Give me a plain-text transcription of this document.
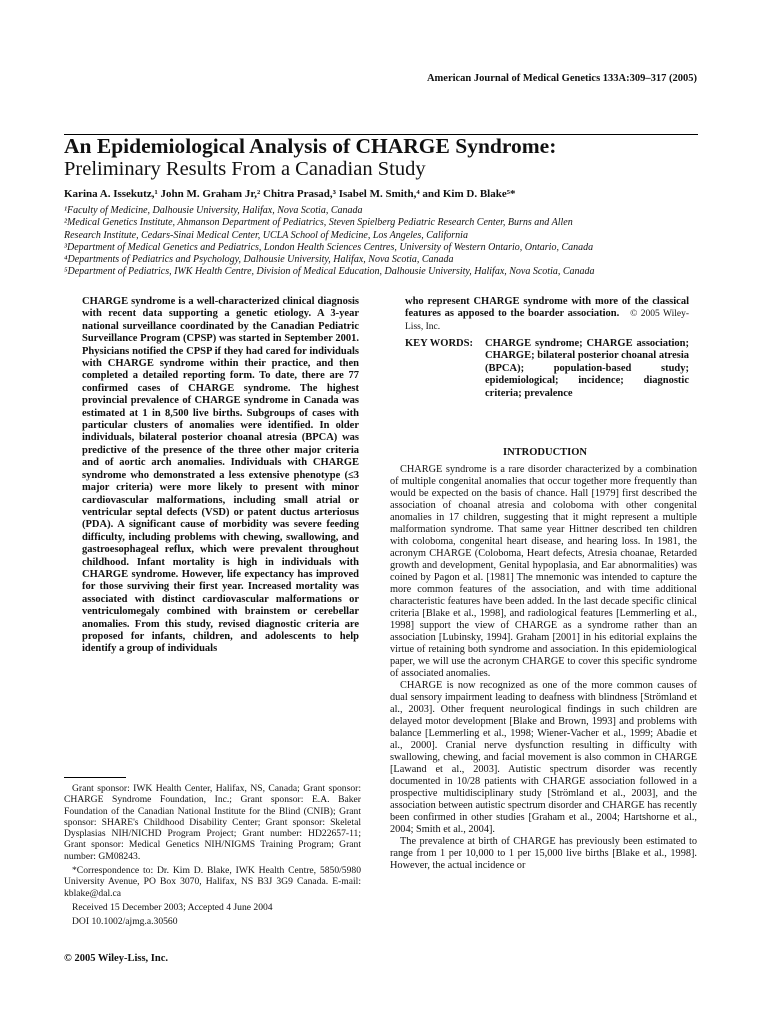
American Journal of Medical Genetics 133A:309–317 (2005)
An Epidemiological Analysis of CHARGE Syndrome:
Preliminary Results From a Canadian Study
Karina A. Issekutz,¹ John M. Graham Jr,² Chitra Prasad,³ Isabel M. Smith,⁴ and Kim D. Blake⁵*
¹Faculty of Medicine, Dalhousie University, Halifax, Nova Scotia, Canada
²Medical Genetics Institute, Ahmanson Department of Pediatrics, Steven Spielberg Pediatric Research Center, Burns and Allen
Research Institute, Cedars-Sinai Medical Center, UCLA School of Medicine, Los Angeles, California
³Department of Medical Genetics and Pediatrics, London Health Sciences Centres, University of Western Ontario, Ontario, Canada
⁴Departments of Pediatrics and Psychology, Dalhousie University, Halifax, Nova Scotia, Canada
⁵Department of Pediatrics, IWK Health Centre, Division of Medical Education, Dalhousie University, Halifax, Nova Scotia, Canada
CHARGE syndrome is a well-characterized clinical diagnosis with recent data supporting a genetic etiology. A 3-year national surveillance coordinated by the Canadian Pediatric Surveillance Program (CPSP) was started in September 2001. Physicians notified the CPSP if they had cared for individuals with CHARGE syndrome within their practice, and then completed a detailed reporting form. To date, there are 77 confirmed cases of CHARGE syndrome. The highest provincial prevalence of CHARGE syndrome in Canada was estimated at 1 in 8,500 live births. Subgroups of cases with particular clusters of anomalies were identified. In older individuals, bilateral posterior choanal atresia (BPCA) was predictive of the presence of the three other major criteria and of aortic arch anomalies. Individuals with CHARGE syndrome who demonstrated a less extensive phenotype (≤3 major criteria) were more likely to present with minor cardiovascular malformations, including small atrial or ventricular septal defects (VSD) or patent ductus arteriosus (PDA). A significant cause of morbidity was severe feeding difficulty, including problems with chewing, swallowing, and gastroesophageal reflux, which were prevalent throughout childhood. Infant mortality is high in individuals with CHARGE syndrome. However, life expectancy has improved for those surviving their first year. Increased mortality was associated with distinct cardiovascular malformations or ventriculomegaly combined with brainstem or cerebellar anomalies. From this study, revised diagnostic criteria are proposed for infants, children, and adolescents to help identify a group of individuals
who represent CHARGE syndrome with more of the classical features as apposed to the boarder association. © 2005 Wiley-Liss, Inc.
KEY WORDS: CHARGE syndrome; CHARGE association; CHARGE; bilateral posterior choanal atresia (BPCA); population-based study; epidemiological; incidence; diagnostic criteria; prevalence
INTRODUCTION

CHARGE syndrome is a rare disorder characterized by a combination of multiple congenital anomalies that occur together more frequently than would be expected on the basis of chance. Hall [1979] first described the association of choanal atresia and coloboma with other congenital anomalies in 17 children, suggesting that it might represent a multiple malformation syndrome. That same year Hittner described ten children with coloboma, congenital heart disease, and hearing loss. In 1981, the acronym CHARGE (Coloboma, Heart defects, Atresia choanae, Retarded growth and development, Genital hypoplasia, and Ear abnormalities) was coined by Pagon et al. [1981] The mnemonic was intended to capture the more common features of the association, and with time additional characteristic features have been added. In the last decade specific clinical criteria [Blake et al., 1998], and radiological features [Lemmerling et al., 1998] support the view of CHARGE as a syndrome rather than an association [Lubinsky, 1994]. Graham [2001] in his editorial explains the virtue of retaining both syndrome and association. In this epidemiological paper, we will use the acronym CHARGE to cover this specific syndrome of associated anomalies.

CHARGE is now recognized as one of the more common causes of dual sensory impairment leading to deafness with blindness [Strömland et al., 2003]. Other frequent neurological findings in such children are delayed motor development [Blake and Brown, 1993] and problems with balance [Lemmerling et al., 1998; Wiener-Vacher et al., 1999; Abadie et al., 2000]. Cranial nerve dysfunction resulting in difficulty with swallowing, chewing, and facial movement is also common in CHARGE [Lawand et al., 2003]. Autistic spectrum disorder was recently documented in 10/28 patients with CHARGE association followed in a prospective multidisciplinary study [Strömland et al., 2003], and the association between autistic spectrum disorder and CHARGE has recently been confirmed in other studies [Graham et al., 2004; Hartshorne et al., 2004; Smith et al., 2004].

The prevalence at birth of CHARGE has previously been estimated to range from 1 per 10,000 to 1 per 15,000 live births [Blake et al., 1998]. However, the actual incidence or

Grant sponsor: IWK Health Center, Halifax, NS, Canada; Grant sponsor: CHARGE Syndrome Foundation, Inc.; Grant sponsor: E.A. Baker Foundation of the Canadian National Institute for the Blind (CNIB); Grant sponsor: SHARE's Childhood Disability Center; Grant sponsor: Skeletal Dysplasias NIH/NICHD Program Project; Grant number: HD22657-11; Grant sponsor: Medical Genetics NIH/NIGMS Training Program; Grant number: GM08243.

*Correspondence to: Dr. Kim D. Blake, IWK Health Centre, 5850/5980 University Avenue, PO Box 3070, Halifax, NS B3J 3G9 Canada. E-mail: kblake@dal.ca

Received 15 December 2003; Accepted 4 June 2004

DOI 10.1002/ajmg.a.30560

© 2005 Wiley-Liss, Inc.
